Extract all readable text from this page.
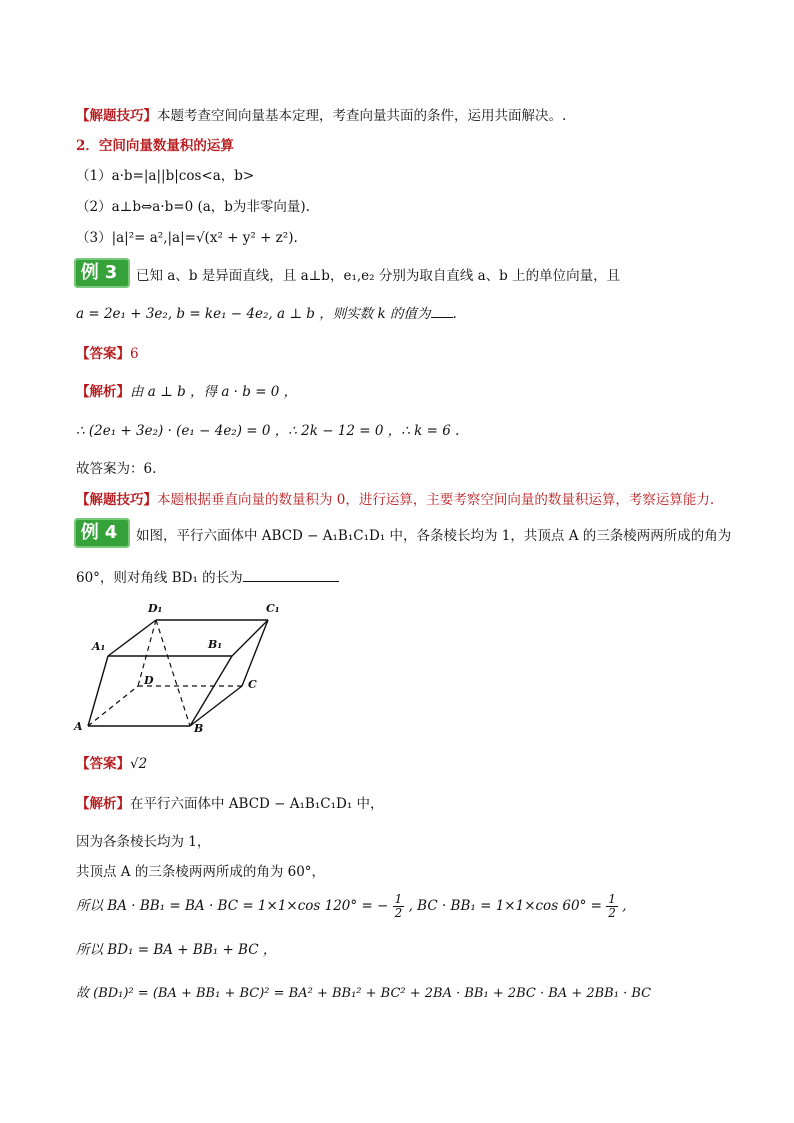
【解题技巧】本题考查空间向量基本定理，考查向量共面的条件，运用共面解决。.
2．空间向量数量积的运算
（1）a·b=|a||b|cos<a，b>
（2）a⊥b⇔a·b=0 (a，b为非零向量).
（3）|a|²= a²,|a|=√(x² + y² + z²).
例3 已知 a、b 是异面直线，且 a⊥b，e₁,e₂ 分别为取自直线 a、b 上的单位向量，且
a = 2e₁ + 3e₂, b = ke₁ − 4e₂, a ⊥ b ，则实数 k 的值为 .
【答案】6
【解析】由 a ⊥ b ，得 a · b = 0 ，
∴ (2e₁ + 3e₂) · (e₁ − 4e₂) = 0 ，∴ 2k − 12 = 0 ，∴ k = 6 .
故答案为：6.
【解题技巧】本题根据垂直向量的数量积为 0，进行运算，主要考察空间向量的数量积运算，考察运算能力.
例4 如图，平行六面体中 ABCD − A₁B₁C₁D₁ 中，各条棱长均为 1，共顶点 A 的三条棱两两所成的角为
60°，则对角线 BD₁ 的长为
D₁	C₁
A₁	B₁
D	C
A	B
【答案】√2
【解析】在平行六面体中 ABCD − A₁B₁C₁D₁ 中，
因为各条棱长均为 1，
共顶点 A 的三条棱两两所成的角为 60°，
所以 BA · BB₁ = BA · BC = 1×1×cos 120° = − $\frac{1}{2}$ , BC · BB₁ = 1×1×cos $60^\circ = \frac{1}{2}$ ,
所以 BD₁ = BA + BB₁ + BC ，
故 (BD₁)² = (BA + BB₁ + BC)² = BA² + BB₁² + BC² + 2BA · BB₁ + 2BC · BA + 2BB₁ · BC
